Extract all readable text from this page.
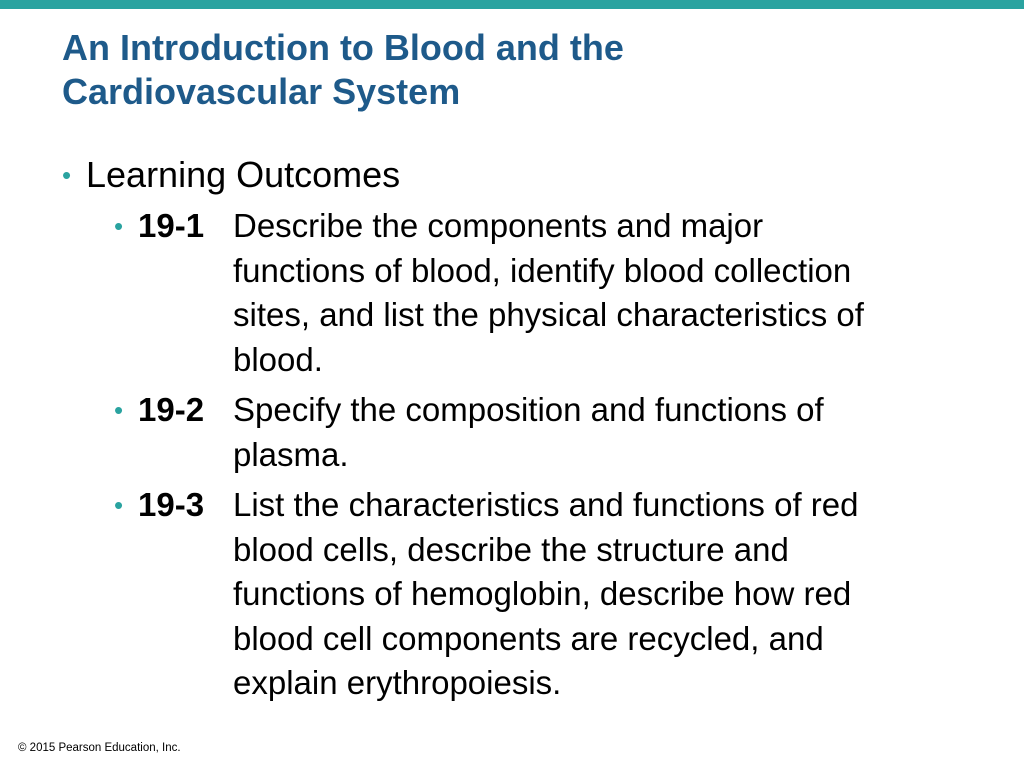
An Introduction to Blood and the
Cardiovascular System
• Learning Outcomes
• 19-1 Describe the components and major
functions of blood, identify blood collection
sites, and list the physical characteristics of
blood.
• 19-2 Specify the composition and functions of
plasma.
• 19-3 List the characteristics and functions of red
blood cells, describe the structure and
functions of hemoglobin, describe how red
blood cell components are recycled, and
explain erythropoiesis.
© 2015 Pearson Education, Inc.
